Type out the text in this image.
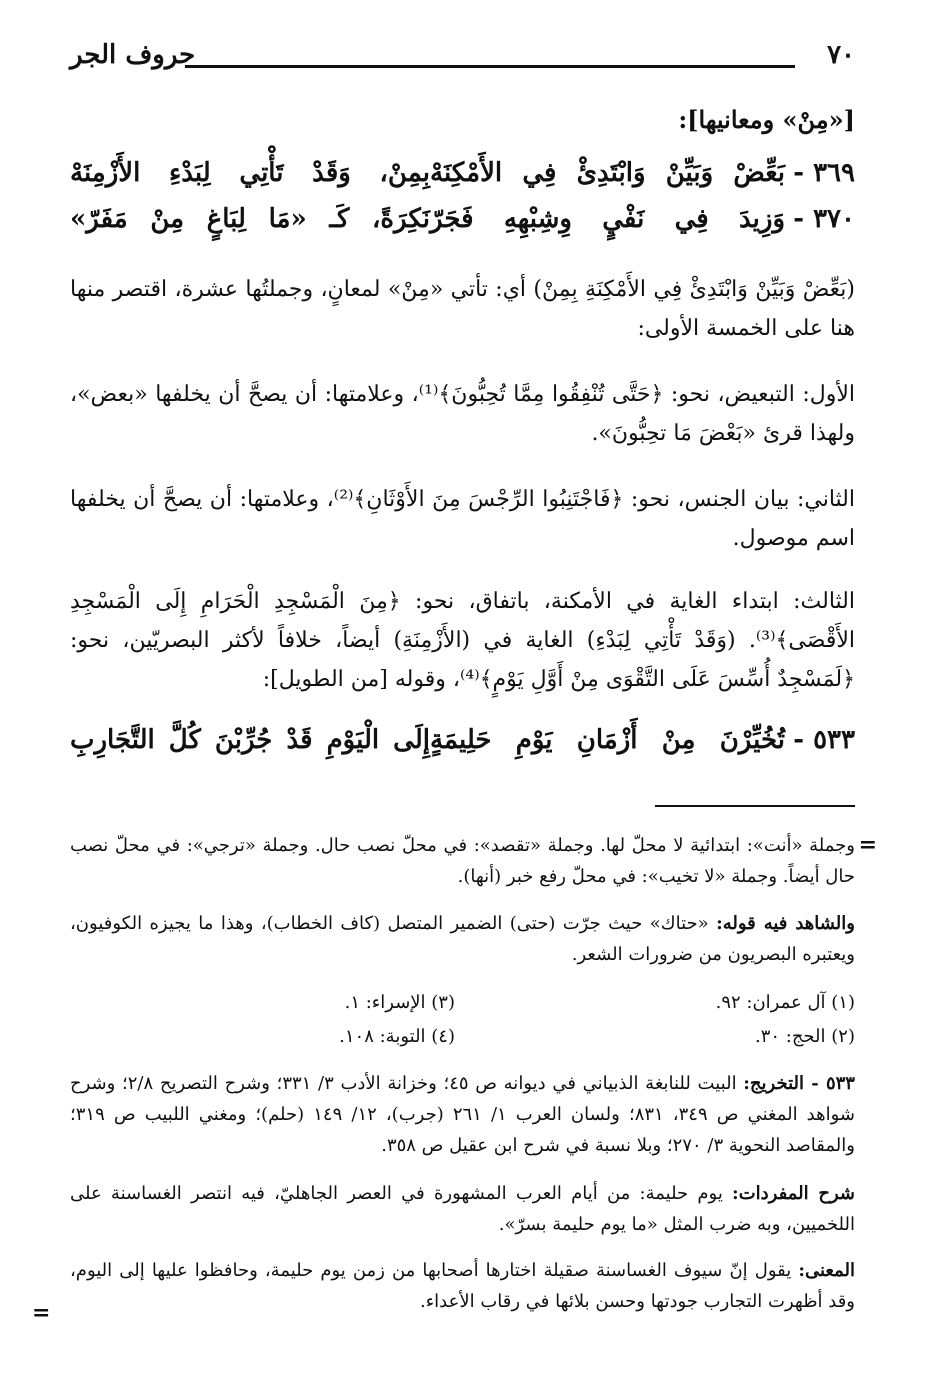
٧٠
حروف الجر
[«مِنْ» ومعانيها]:
٣٦٩ -
بَعِّضْ وَبَيِّنْ وَابْتَدِئْ فِي الأَمْكِنَهْ
بِمِنْ، وَقَدْ تَأْتِي لِبَدْءِ الأَزْمِنَهْ
٣٧٠ -
وَزِيدَ فِي نَفْيٍ وِشِبْهِهِ فَجَرّ
نَكِرَةً، كَـ «مَا لِبَاغٍ مِنْ مَفَرّ»
(بَعِّضْ وَبَيِّنْ وَابْتَدِئْ فِي الأَمْكِنَةِ بِمِنْ) أي: تأتي «مِنْ» لمعانٍ، وجملتُها عشرة، اقتصر منها هنا على الخمسة الأولى:
الأول: التبعيض، نحو: ﴿حَتَّى تُنْفِقُوا مِمَّا تُحِبُّونَ﴾⁽¹⁾، وعلامتها: أن يصحَّ أن يخلفها «بعض»، ولهذا قرئ «بَعْضَ مَا تحِبُّونَ».
الثاني: بيان الجنس، نحو: ﴿فَاجْتَنِبُوا الرِّجْسَ مِنَ الأَوْثَانِ﴾⁽²⁾، وعلامتها: أن يصحَّ أن يخلفها اسم موصول.
الثالث: ابتداء الغاية في الأمكنة، باتفاق، نحو: ﴿مِنَ الْمَسْجِدِ الْحَرَامِ إِلَى الْمَسْجِدِ الأَقْصَى﴾⁽³⁾. (وَقَدْ تَأْتِي لِبَدْءِ) الغاية في (الأَزْمِنَةِ) أيضاً، خلافاً لأكثر البصريّين، نحو: ﴿لَمَسْجِدٌ أُسِّسَ عَلَى التَّقْوَى مِنْ أَوَّلِ يَوْمٍ﴾⁽⁴⁾، وقوله [من الطويل]:
٥٣٣ -
تُخُيِّرْنَ مِنْ أَزْمَانِ يَوْمِ حَلِيمَةٍ
إِلَى الْيَوْمِ قَدْ جُرِّبْنَ كُلَّ التَّجَارِبِ
وجملة «أنت»: ابتدائية لا محلّ لها. وجملة «تقصد»: في محلّ نصب حال. وجملة «ترجي»: في محلّ نصب حال أيضاً. وجملة «لا تخيب»: في محلّ رفع خبر (أنها).
والشاهد فيه قوله: «حتاك» حيث جرّت (حتى) الضمير المتصل (كاف الخطاب)، وهذا ما يجيزه الكوفيون، ويعتبره البصريون من ضرورات الشعر.
(١) آل عمران: ٩٢.
(٣) الإسراء: ١.
(٢) الحج: ٣٠.
(٤) التوبة: ١٠٨.
٥٣٣ - التخريج: البيت للنابغة الذبياني في ديوانه ص ٤٥؛ وخزانة الأدب ٣/ ٣٣١؛ وشرح التصريح ٢/٨؛ وشرح شواهد المغني ص ٣٤٩، ٨٣١؛ ولسان العرب ١/ ٢٦١ (جرب)، ١٢/ ١٤٩ (حلم)؛ ومغني اللبيب ص ٣١٩؛ والمقاصد النحوية ٣/ ٢٧٠؛ وبلا نسبة في شرح ابن عقيل ص ٣٥٨.
شرح المفردات: يوم حليمة: من أيام العرب المشهورة في العصر الجاهليّ، فيه انتصر الغساسنة على اللخميين، وبه ضرب المثل «ما يوم حليمة بسرّ».
المعنى: يقول إنّ سيوف الغساسنة صقيلة اختارها أصحابها من زمن يوم حليمة، وحافظوا عليها إلى اليوم، وقد أظهرت التجارب جودتها وحسن بلائها في رقاب الأعداء.
=
=
